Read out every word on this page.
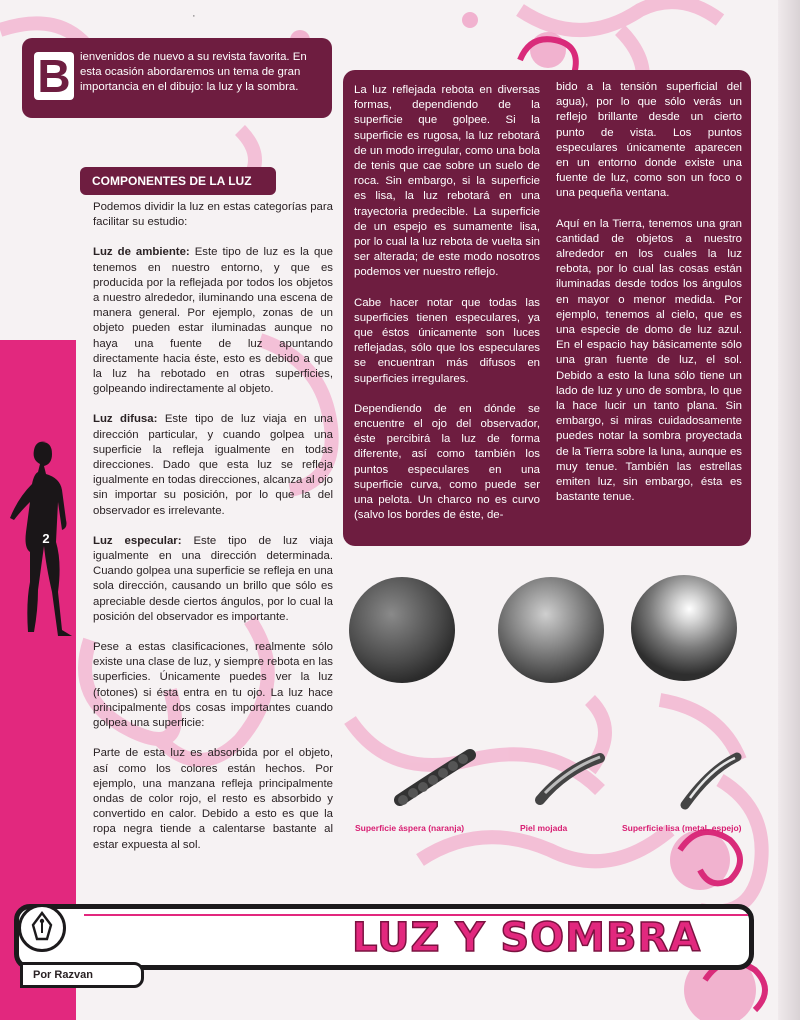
·
B ienvenidos de nuevo a su revista favorita. En esta ocasión abordaremos un tema de gran importancia en el dibujo: la luz y la sombra.
COMPONENTES DE LA LUZ

Podemos dividir la luz en estas categorías para facilitar su estudio:

Luz de ambiente: Este tipo de luz es la que tenemos en nuestro entorno, y que es producida por la reflejada por todos los objetos a nuestro alrededor, iluminando una escena de manera general. Por ejemplo, zonas de un objeto pueden estar iluminadas aunque no haya una fuente de luz apuntando directamente hacia éste, esto es debido a que la luz ha rebotado en otras superficies, golpeando indirectamente al objeto.

Luz difusa: Este tipo de luz viaja en una dirección particular, y cuando golpea una superficie la refleja igualmente en todas direcciones. Dado que esta luz se refleja igualmente en todas direcciones, alcanza al ojo sin importar su posición, por lo que la del observador es irrelevante.

Luz especular: Este tipo de luz viaja igualmente en una dirección determinada. Cuando golpea una superficie se refleja en una sola dirección, causando un brillo que sólo es apreciable desde ciertos ángulos, por lo cual la posición del observador es importante.

Pese a estas clasificaciones, realmente sólo existe una clase de luz, y siempre rebota en las superficies. Únicamente puedes ver la luz (fotones) si ésta entra en tu ojo. La luz hace principalmente dos cosas importantes cuando golpea una superficie:

Parte de esta luz es absorbida por el objeto, así como los colores están hechos. Por ejemplo, una manzana refleja principalmente ondas de color rojo, el resto es absorbido y convertido en calor. Debido a esto es que la ropa negra tiende a calentarse bastante al estar expuesta al sol.

La luz reflejada rebota en diversas formas, dependiendo de la superficie que golpee. Si la superficie es rugosa, la luz rebotará de un modo irregular, como una bola de tenis que cae sobre un suelo de roca. Sin embargo, si la superficie es lisa, la luz rebotará en una trayectoria predecible. La superficie de un espejo es sumamente lisa, por lo cual la luz rebota de vuelta sin ser alterada; de este modo nosotros podemos ver nuestro reflejo.

Cabe hacer notar que todas las superficies tienen especulares, ya que éstos únicamente son luces reflejadas, sólo que los especulares se encuentran más difusos en superficies irregulares.

Dependiendo de en dónde se encuentre el ojo del observador, éste percibirá la luz de forma diferente, así como también los puntos especulares en una superficie curva, como puede ser una pelota. Un charco no es curvo (salvo los bordes de éste, de-

bido a la tensión superficial del agua), por lo que sólo verás un reflejo brillante desde un cierto punto de vista. Los puntos especulares únicamente aparecen en un entorno donde existe una fuente de luz, como son un foco o una pequeña ventana.

Aquí en la Tierra, tenemos una gran cantidad de objetos a nuestro alrededor en los cuales la luz rebota, por lo cual las cosas están iluminadas desde todos los ángulos en mayor o menor medida. Por ejemplo, tenemos al cielo, que es una especie de domo de luz azul. En el espacio hay básicamente sólo una gran fuente de luz, el sol. Debido a esto la luna sólo tiene un lado de luz y uno de sombra, lo que la hace lucir un tanto plana. Sin embargo, si miras cuidadosamente puedes notar la sombra proyectada de la Tierra sobre la luna, aunque es muy tenue. También las estrellas emiten luz, sin embargo, ésta es bastante tenue.

Superficie áspera (naranja)	Piel mojada	Superficie lisa (metal. espejo)
2
LUZ Y SOMBRA
Por Razvan
